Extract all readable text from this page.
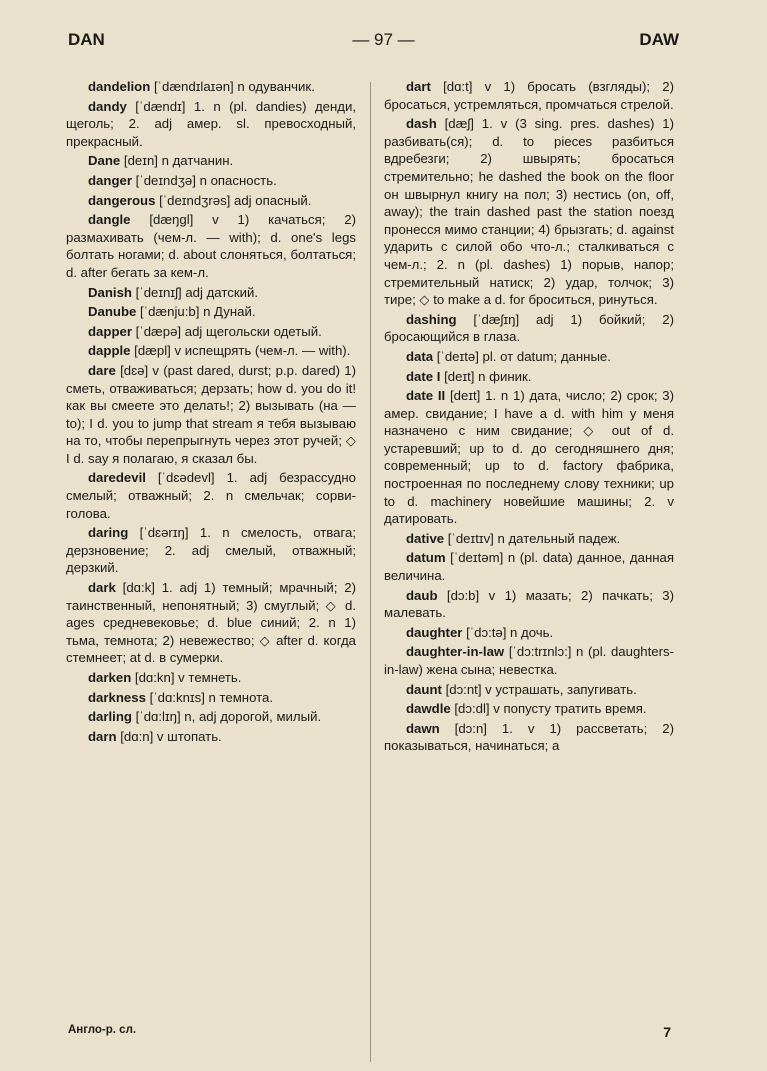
DAN	— 97 —	DAW

dandelion [ˈdændɪlaɪən] n одуванчик.

dandy [ˈdændɪ] 1. n (pl. dandies) денди, щеголь; 2. adj амер. sl. превосходный, прекрасный.

Dane [deɪn] n датчанин.

danger [ˈdeɪndʒə] n опасность.

dangerous [ˈdeɪndʒrəs] adj опасный.

dangle [dæŋgl] v 1) качаться; 2) размахивать (чем-л. — with); d. one's legs болтать ногами; d. about слоняться, болтаться; d. after бегать за кем-л.

Danish [ˈdeɪnɪʃ] adj датский.

Danube [ˈdænju:b] n Дунай.

dapper [ˈdæpə] adj щегольски одетый.

dapple [dæpl] v испещрять (чем-л. — with).

dare [dɛə] v (past dared, durst; p.p. dared) 1) сметь, отваживаться; дерзать; how d. you do it! как вы смеете это делать!; 2) вызывать (на — to); I d. you to jump that stream я тебя вызываю на то, чтобы перепрыгнуть через этот ручей; ◇ I d. say я полагаю, я сказал бы.

daredevil [ˈdɛədevl] 1. adj безрассудно смелый; отважный; 2. n смельчак; сорви-голова.

daring [ˈdɛərɪŋ] 1. n смелость, отвага; дерзновение; 2. adj смелый, отважный; дерзкий.

dark [dɑ:k] 1. adj 1) темный; мрачный; 2) таинственный, непонятный; 3) смуглый; ◇ d. ages средневековье; d. blue синий; 2. n 1) тьма, темнота; 2) невежество; ◇ after d. когда стемнеет; at d. в сумерки.

darken [dɑ:kn] v темнеть.

darkness [ˈdɑ:knɪs] n темнота.

darling [ˈdɑ:lɪŋ] n, adj дорогой, милый.

darn [dɑ:n] v штопать.

dart [dɑ:t] v 1) бросать (взгляды); 2) бросаться, устремляться, промчаться стрелой.

dash [dæʃ] 1. v (3 sing. pres. dashes) 1) разбивать(ся); d. to pieces разбиться вдребезги; 2) швырять; бросаться стремительно; he dashed the book on the floor он швырнул книгу на пол; 3) нестись (on, off, away); the train dashed past the station поезд пронесся мимо станции; 4) брызгать; d. against ударить с силой обо что-л.; сталкиваться с чем-л.; 2. n (pl. dashes) 1) порыв, напор; стремительный натиск; 2) удар, толчок; 3) тире; ◇ to make a d. for броситься, ринуться.

dashing [ˈdæʃɪŋ] adj 1) бойкий; 2) бросающийся в глаза.

data [ˈdeɪtə] pl. от datum; данные.

date I [deɪt] n финик.

date II [deɪt] 1. n 1) дата, число; 2) срок; 3) амер. свидание; I have a d. with him у меня назначено с ним свидание; ◇ out of d. устаревший; up to d. до сегодняшнего дня; современный; up to d. factory фабрика, построенная по последнему слову техники; up to d. machinery новейшие машины; 2. v датировать.

dative [ˈdeɪtɪv] n дательный падеж.

datum [ˈdeɪtəm] n (pl. data) данное, данная величина.

daub [dɔ:b] v 1) мазать; 2) пачкать; 3) малевать.

daughter [ˈdɔ:tə] n дочь.

daughter-in-law [ˈdɔ:trɪnlɔ:] n (pl. daughters-in-law) жена сына; невестка.

daunt [dɔ:nt] v устрашать, запугивать.

dawdle [dɔ:dl] v попусту тратить время.

dawn [dɔ:n] 1. v 1) рассветать; 2) показываться, начинаться; a

Англо-р. сл.	7
